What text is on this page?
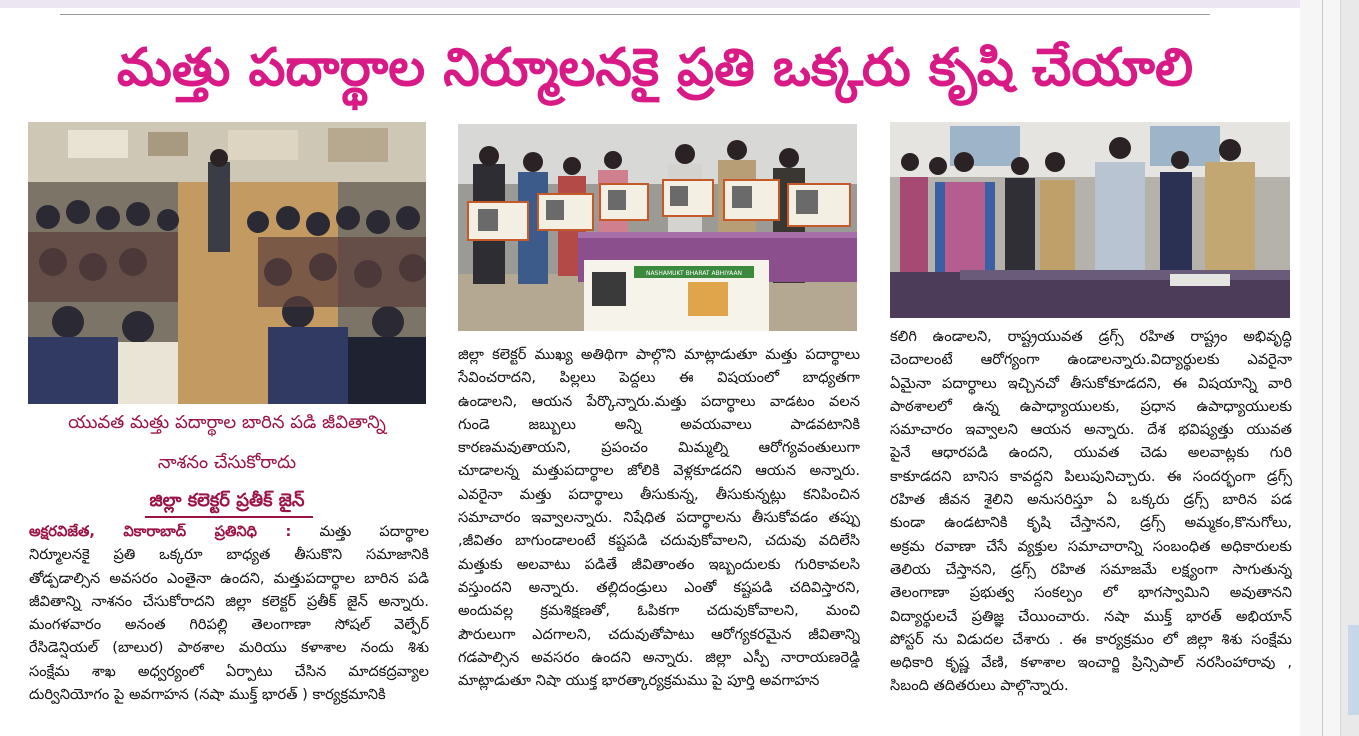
మత్తు పదార్థాల నిర్మూలనకై ప్రతి ఒక్కరు కృషి చేయాలి
NASHAMUKT BHARAT ABHIYAAN
యువత మత్తు పదార్థాల బారిన పడి జీవితాన్ని
నాశనం చేసుకోరాదు
జిల్లా కలెక్టర్ ప్రతీక్ జైన్
అక్షరవిజేత, వికారాబాద్ ప్రతినిధి : మత్తు పదార్థాల
నిర్మూలనకై ప్రతి ఒక్కరూ బాధ్యత తీసుకొని సమాజానికి
తోడ్పడాల్సిన అవసరం ఎంతైనా ఉందని, మత్తుపదార్థాల బారిన పడి
జీవితాన్ని నాశనం చేసుకోరాదని జిల్లా కలెక్టర్ ప్రతీక్ జైన్ అన్నారు.
మంగళవారం అనంత గిరిపల్లి తెలంగాణా సోషల్ వెల్ఫేర్
రేసిడెన్షియల్ (బాలుర) పాఠశాల మరియు కళాశాల నందు శిశు
సంక్షేమ శాఖ అధ్వర్యంలో ఏర్పాటు చేసిన మాదకద్రవ్యాల
దుర్వినియోగం పై అవగాహన (నషా ముక్త్ భారత్ ) కార్యక్రమానికి
జిల్లా కలెక్టర్ ముఖ్య అతిథిగా పాల్గొని మాట్లాడుతూ మత్తు పదార్థాలు
సేవించరాదని, పిల్లలు పెద్దలు ఈ విషయంలో బాధ్యతగా
ఉండాలని, ఆయన పేర్కొన్నారు.మత్తు పదార్థాలు వాడటం వలన
గుండె జబ్బులు అన్ని అవయవాలు పాడవటానికి
కారణమవుతాయని, ప్రపంచం మిమ్మల్ని ఆరోగ్యవంతులుగా
చూడాలన్న మత్తుపదార్థాల జోలికి వెళ్లకూడదని ఆయన అన్నారు.
ఎవరైనా మత్తు పదార్థాలు తీసుకున్న, తీసుకున్నట్లు కనిపించిన
సమాచారం ఇవ్వాలన్నారు. నిషేధిత పదార్థాలను తీసుకోవడం తప్పు
,జీవితం బాగుండాలంటే కష్టపడి చదువుకోవాలని, చదువు వదిలేసి
మత్తుకు అలవాటు పడితే జీవితాంతం ఇబ్బందులకు గురికావలసి
వస్తుందని అన్నారు. తల్లిదండ్రులు ఎంతో కష్టపడి చదివిస్తారని,
అందువల్ల క్రమశిక్షణతో, ఓపికగా చదువుకోవాలని, మంచి
పౌరులుగా ఎదగాలని, చదువుతోపాటు ఆరోగ్యకరమైన జీవితాన్ని
గడపాల్సిన అవసరం ఉందని అన్నారు. జిల్లా ఎస్పీ నారాయణరెడ్డి
మాట్లాడుతూ నిషా యుక్త భారత్కార్యక్రమము పై పూర్తి అవగాహన
కలిగి ఉండాలని, రాష్ట్రయువత డ్రగ్స్ రహిత రాష్ట్రం అభివృద్ధి
చెందాలంటే ఆరోగ్యంగా ఉండాలన్నారు.విద్యార్థులకు ఎవరైనా
ఏమైనా పదార్థాలు ఇచ్చినచో తీసుకోకూడదని, ఈ విషయాన్ని వారి
పాఠశాలలో ఉన్న ఉపాధ్యాయులకు, ప్రధాన ఉపాధ్యాయులకు
సమాచారం ఇవ్వాలని ఆయన అన్నారు. దేశ భవిష్యత్తు యువత
పైనే ఆధారపడి ఉందని, యువత చెడు అలవాట్లకు గురి
కాకూడదని బానిస కావద్దని పిలుపునిచ్చారు. ఈ సందర్భంగా డ్రగ్స్
రహిత జీవన శైలిని అనుసరిస్తూ ఏ ఒక్కరు డ్రగ్స్ బారిన పడ
కుండా ఉండటానికి కృషి చేస్తానని, డ్రగ్స్ అమ్మకం,కొనుగోలు,
అక్రమ రవాణా చేసే వ్యక్తుల సమాచారాన్ని సంబంధిత అధికారులకు
తెలియ చేస్తానని, డ్రగ్స్ రహిత సమాజమే లక్ష్యంగా సాగుతున్న
తెలంగాణా ప్రభుత్వ సంకల్పం లో భాగస్వామిని అవుతానని
విద్యార్థులచే ప్రతిజ్ఞ చేయించారు. నషా ముక్త్ భారత్ అభియాన్
పోస్టర్ ను విడుదల చేశారు . ఈ కార్యక్రమం లో జిల్లా శిశు సంక్షేమ
అధికారి కృష్ణ వేణి, కళాశాల ఇంచార్జి ప్రిన్సిపాల్ నరసింహారావు ,
సిబంది తదితరులు పాల్గొన్నారు.
